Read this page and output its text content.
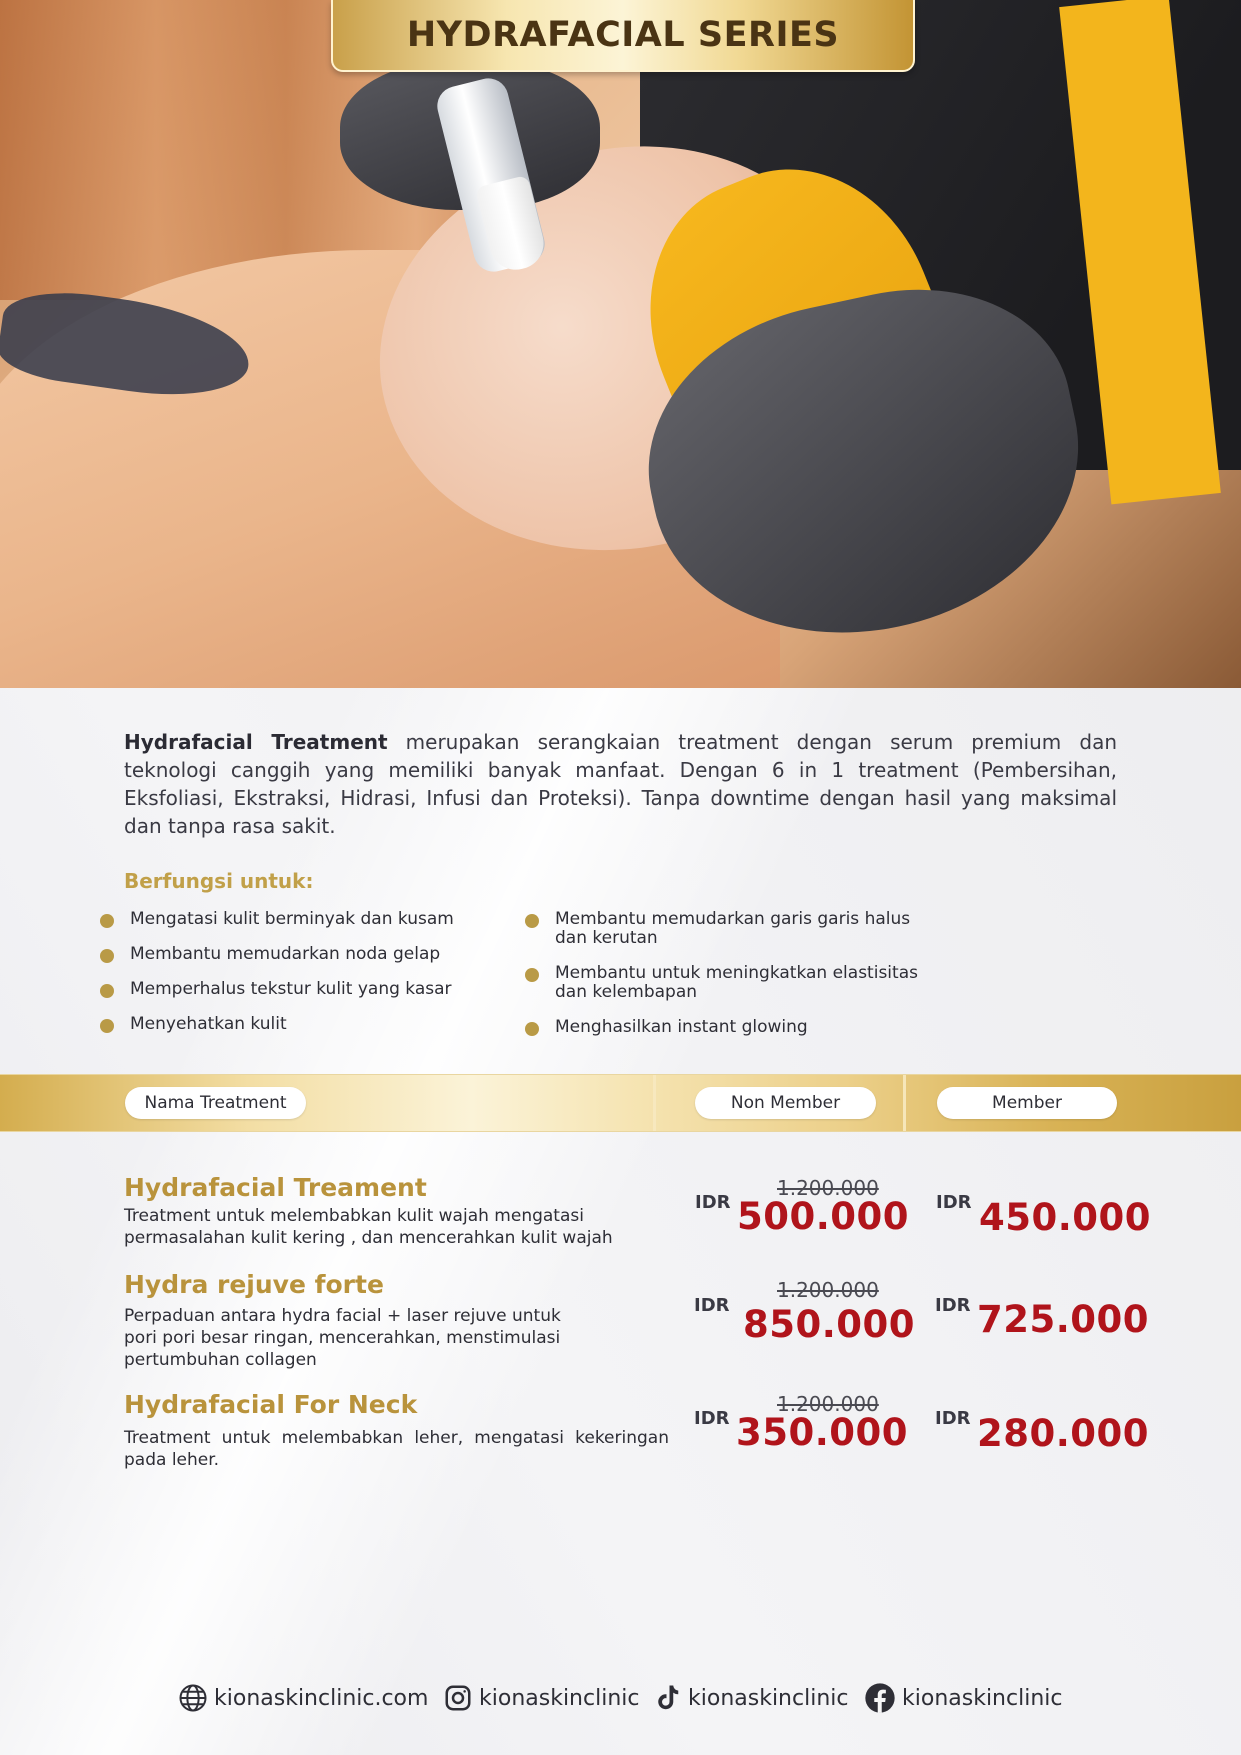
HYDRAFACIAL SERIES
Hydrafacial Treatment merupakan serangkaian treatment dengan serum premium dan teknologi canggih yang memiliki banyak manfaat. Dengan 6 in 1 treatment (Pembersihan, Eksfoliasi, Ekstraksi, Hidrasi, Infusi dan Proteksi). Tanpa downtime dengan hasil yang maksimal dan tanpa rasa sakit.
Berfungsi untuk:
Mengatasi kulit berminyak dan kusam
Membantu memudarkan noda gelap
Memperhalus tekstur kulit yang kasar
Menyehatkan kulit
Membantu memudarkan garis garis halus dan kerutan
Membantu untuk meningkatkan elastisitas dan kelembapan
Menghasilkan instant glowing
Nama Treatment	Non Member	Member
Hydrafacial Treament
Treatment untuk melembabkan kulit wajah mengatasi permasalahan kulit kering , dan mencerahkan kulit wajah
IDR
1.200.000
500.000 IDR 450.000
Hydra rejuve forte
Perpaduan antara hydra facial + laser rejuve untuk pori pori besar ringan, mencerahkan, menstimulasi pertumbuhan collagen
IDR
1.200.000
850.000 IDR 725.000
Hydrafacial For Neck
Treatment untuk melembabkan leher, mengatasi kekeringan pada leher.
IDR
1.200.000
350.000 IDR 280.000
kionaskinclinic.com kionaskinclinic kionaskinclinic kionaskinclinic
